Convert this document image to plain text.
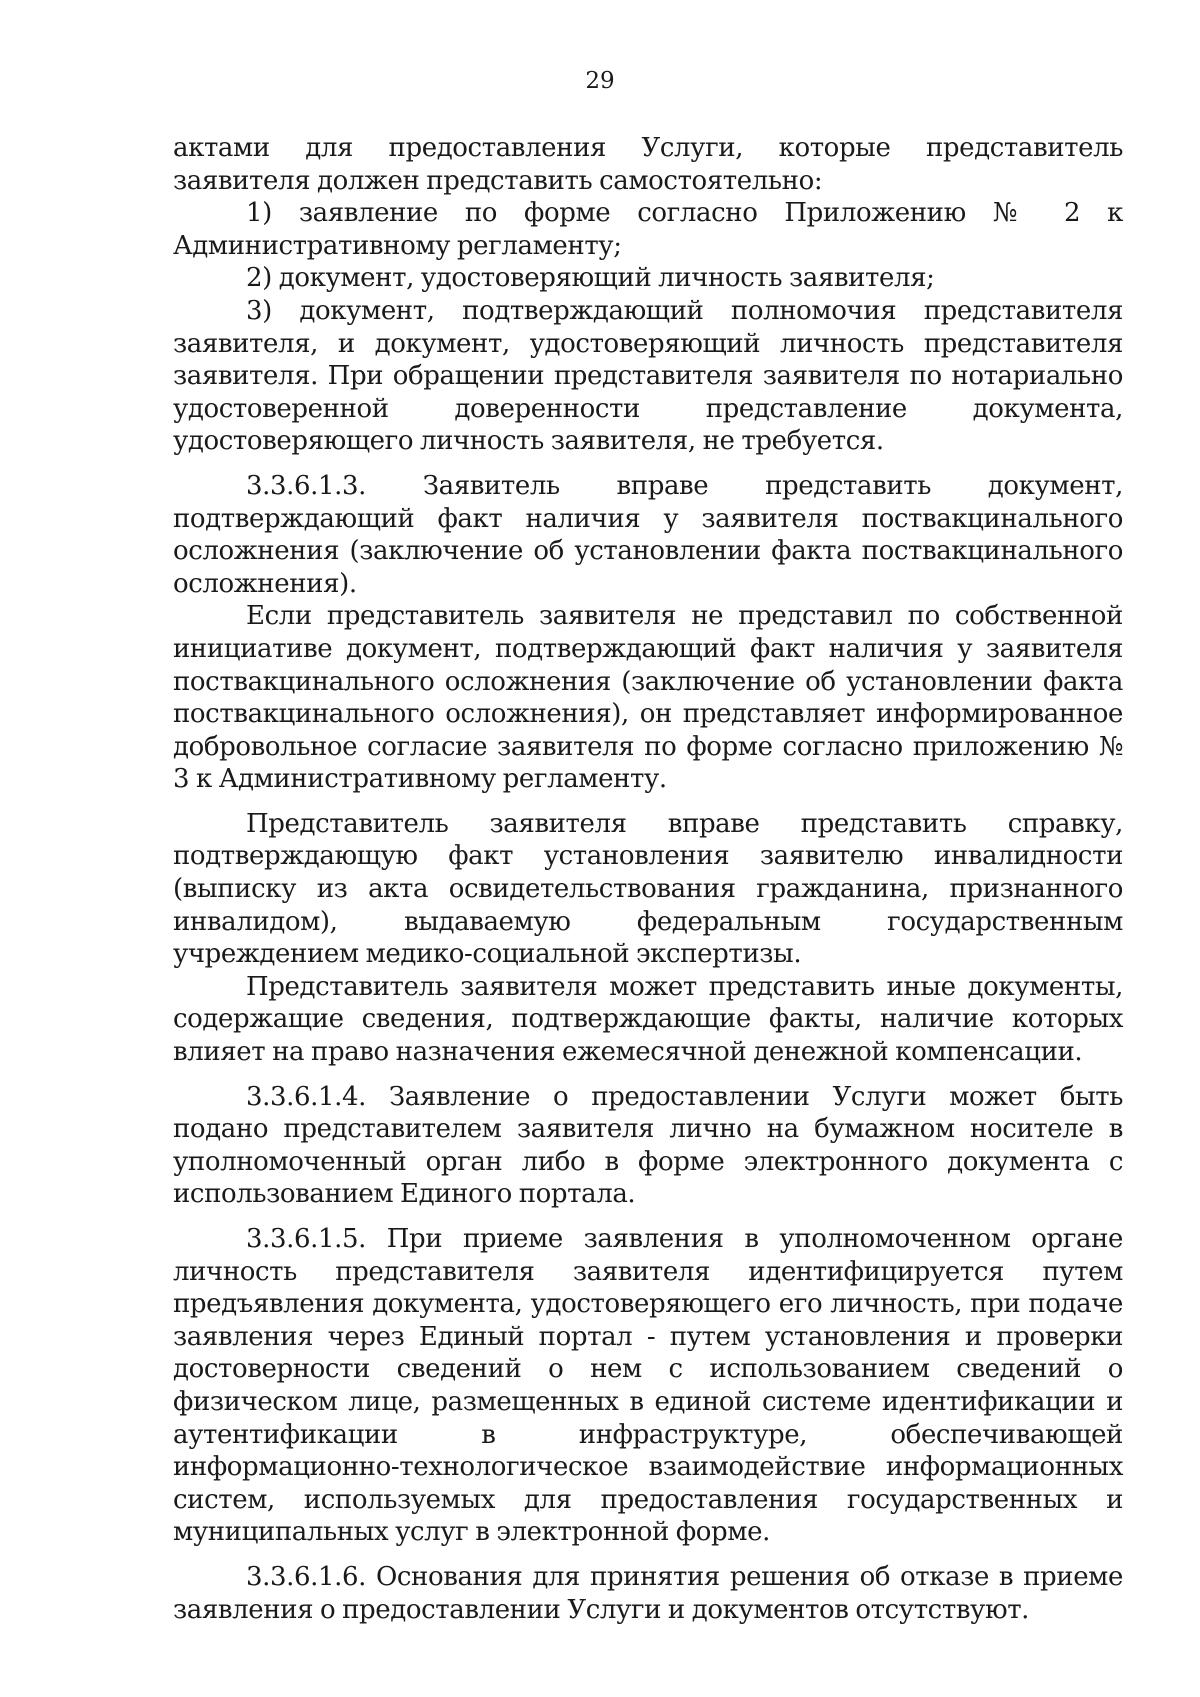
29

актами для предоставления Услуги, которые представитель заявителя должен представить самостоятельно:

1) заявление по форме согласно Приложению № 2 к Административному регламенту;

2) документ, удостоверяющий личность заявителя;

3) документ, подтверждающий полномочия представителя заявителя, и документ, удостоверяющий личность представителя заявителя. При обращении представителя заявителя по нотариально удостоверенной доверенности представление документа, удостоверяющего личность заявителя, не требуется.

3.3.6.1.3. Заявитель вправе представить документ, подтверждающий факт наличия у заявителя поствакцинального осложнения (заключение об установлении факта поствакцинального осложнения).

Если представитель заявителя не представил по собственной инициативе документ, подтверждающий факт наличия у заявителя поствакцинального осложнения (заключение об установлении факта поствакцинального осложнения), он представляет информированное добровольное согласие заявителя по форме согласно приложению № 3 к Административному регламенту.

Представитель заявителя вправе представить справку, подтверждающую факт установления заявителю инвалидности (выписку из акта освидетельствования гражданина, признанного инвалидом), выдаваемую федеральным государственным учреждением медико-социальной экспертизы.

Представитель заявителя может представить иные документы, содержащие сведения, подтверждающие факты, наличие которых влияет на право назначения ежемесячной денежной компенсации.

3.3.6.1.4. Заявление о предоставлении Услуги может быть подано представителем заявителя лично на бумажном носителе в уполномоченный орган либо в форме электронного документа с использованием Единого портала.

3.3.6.1.5. При приеме заявления в уполномоченном органе личность представителя заявителя идентифицируется путем предъявления документа, удостоверяющего его личность, при подаче заявления через Единый портал - путем установления и проверки достоверности сведений о нем с использованием сведений о физическом лице, размещенных в единой системе идентификации и аутентификации в инфраструктуре, обеспечивающей информационно-технологическое взаимодействие информационных систем, используемых для предоставления государственных и муниципальных услуг в электронной форме.

3.3.6.1.6. Основания для принятия решения об отказе в приеме заявления о предоставлении Услуги и документов отсутствуют.
